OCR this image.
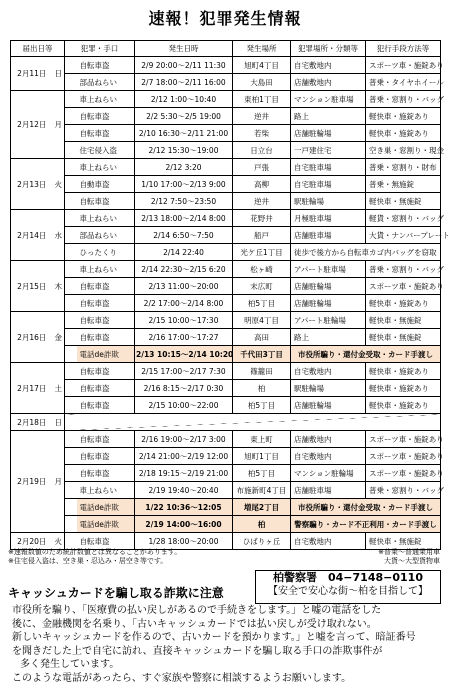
速報！犯罪発生情報
届出日等		犯罪・手口		発生日時	発生場所	犯罪場所・分類等	犯行手段方法等
2月11日	日		自転車盗	2/9 20:00〜2/11 11:30	旭町4丁目	自宅敷地内	スポーツ車・施錠あり
			部品ねらい	2/7 18:00〜2/11 16:00	大島田	店舗敷地内	普乗・タイヤホイール
2月12日	月		車上ねらい	2/12 1:00〜10:40	東柏1丁目	マンション駐車場	普乗・窓割り・バッグ
			自転車盗	2/2 5:30〜2/5 19:00	逆井	路上	軽快車・施錠あり
			自転車盗	2/10 16:30〜2/11 21:00	若柴	店舗駐輪場	軽快車・施錠あり
			住宅侵入盗	2/12 15:30〜19:00	日立台	一戸建住宅	空き巣・窓割り・現金
2月13日	火		車上ねらい	2/12 3:20	戸張	自宅駐車場	普乗・窓割り・財布
			自動車盗	1/10 17:00〜2/13 9:00	高柳	自宅駐車場	普乗・無施錠
			自転車盗	2/12 7:50〜23:50	逆井	駅駐輪場	軽快車・無施錠
2月14日	水		車上ねらい	2/13 18:00〜2/14 8:00	花野井	月極駐車場	軽貨・窓割り・バッグ
			部品ねらい	2/14 6:50〜7:50	船戸	店舗駐車場	大貨・ナンバープレート
			ひったくり	2/14 22:40	光ケ丘1丁目	徒歩で後方から自転車カゴ内バッグを窃取	
2月15日	木		車上ねらい	2/14 22:30〜2/15 6:20	松ヶ崎	アパート駐車場	普乗・窓割り・バッグ
			自転車盗	2/13 11:00〜20:00	末広町	店舗駐輪場	スポーツ車・施錠あり
			自転車盗	2/2 17:00〜2/14 8:00	柏5丁目	店舗駐輪場	軽快車・施錠あり
2月16日	金		自転車盗	2/15 10:00〜17:30	明原4丁目	アパート駐輪場	軽快車・無施錠
			自転車盗	2/16 17:00〜17:27	高田	路上	軽快車・無施錠
			電話de詐欺	2/13 10:15〜2/14 10:20	千代田3丁目	市役所騙り・還付金受取・カード手渡し	
2月17日	土		自転車盗	2/15 17:00〜2/17 7:30	篠籠田	自宅敷地内	軽快車・施錠あり
			自転車盗	2/16 8:15〜2/17 0:30	柏	駅駐輪場	軽快車・施錠あり
			自転車盗	2/15 10:00〜22:00	柏5丁目	店舗駐輪場	軽快車・施錠あり
2月18日	日						
2月19日	月		自転車盗	2/16 19:00〜2/17 3:00	東上町	店舗敷地内	スポーツ車・施錠あり
			自転車盗	2/14 21:00〜2/19 12:00	旭町1丁目	自宅敷地内	スポーツ車・施錠あり
			自転車盗	2/18 19:15〜2/19 21:00	柏5丁目	マンション駐輪場	スポーツ車・施錠あり
			車上ねらい	2/19 19:40〜20:40	布施新町4丁目	店舗駐車場	普乗・窓割り・バッグ
			電話de詐欺	1/22 10:36〜12:05	増尾2丁目	市役所騙り・還付金受取・カード手渡し	
			電話de詐欺	2/19 14:00〜16:00	柏	警察騙り・カード不正利用・カード手渡し	
2月20日	火		自転車盗	1/28 18:00〜20:00	ひばりヶ丘	自宅敷地内	軽快車・無施錠
※速報数値のため統計数値とは異なることがあります。
※住宅侵入盗は、空き巣・忍込み・居空き等です。
※普乗〜普通乗用車
大貨〜大型貨物車
柏警察署　04−7148−0110
【安全で安心な街〜柏を目指して】
キャッシュカードを騙し取る詐欺に注意

市役所を騙り、「医療費の払い戻しがあるので手続きをします。」と嘘の電話をした

後に、金融機関を名乗り、「古いキャッシュカードでは払い戻しが受け取れない。

新しいキャッシュカードを作るので、古いカードを預かります。」と嘘を言って、暗証番号

を聞きだした上で自宅に訪れ、直接キャッシュカードを騙し取る手口の詐欺事件が

多く発生しています。

このような電話があったら、すぐ家族や警察に相談するようお願いします。
